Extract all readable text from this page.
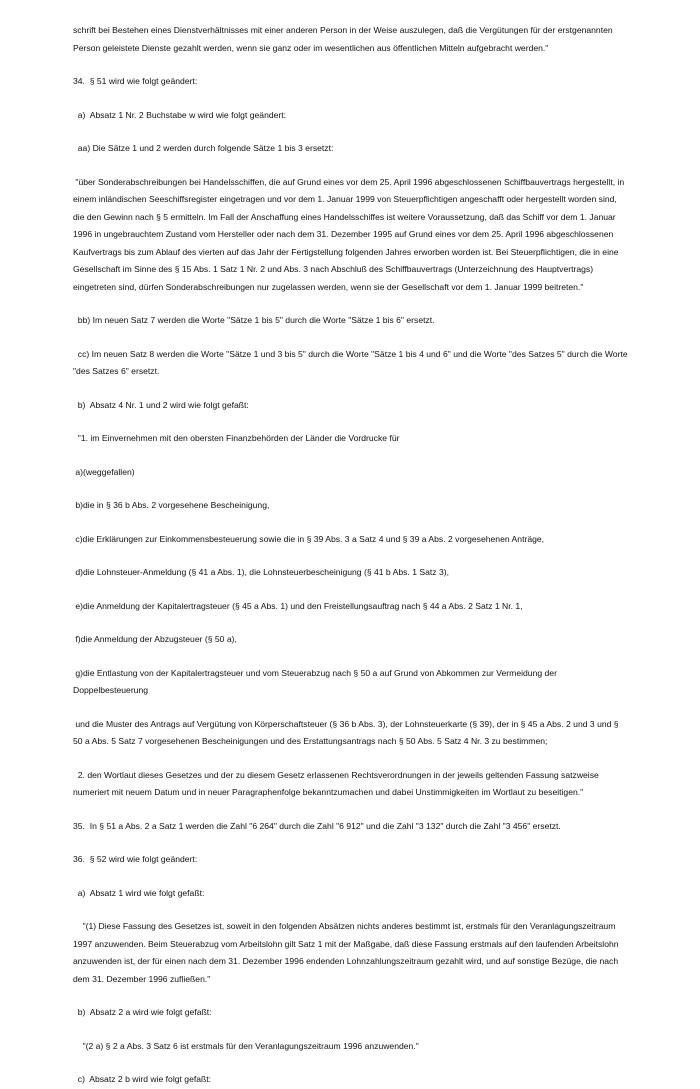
schrift bei Bestehen eines Dienstverhältnisses mit einer anderen Person in der Weise auszulegen, daß die Vergütungen für der erstgenannten Person geleistete Dienste gezahlt werden, wenn sie ganz oder im wesentlichen aus öffentlichen Mitteln aufgebracht werden."

34.  § 51 wird wie folgt geändert:

a)  Absatz 1 Nr. 2 Buchstabe w wird wie folgt geändert:

aa) Die Sätze 1 und 2 werden durch folgende Sätze 1 bis 3 ersetzt:

"über Sonderabschreibungen bei Handelsschiffen, die auf Grund eines vor dem 25. April 1996 abgeschlossenen Schiffbauvertrags hergestellt, in einem inländischen Seeschiffsregister eingetragen und vor dem 1. Januar 1999 von Steuerpflichtigen angeschafft oder hergestellt worden sind, die den Gewinn nach § 5 ermitteln. Im Fall der Anschaffung eines Handelsschiffes ist weitere Voraussetzung, daß das Schiff vor dem 1. Januar 1996 in ungebrauchtem Zustand vom Hersteller oder nach dem 31. Dezember 1995 auf Grund eines vor dem 25. April 1996 abgeschlossenen Kaufvertrags bis zum Ablauf des vierten auf das Jahr der Fertigstellung folgenden Jahres erworben worden ist. Bei Steuerpflichtigen, die in eine Gesellschaft im Sinne des § 15 Abs. 1 Satz 1 Nr. 2 und Abs. 3 nach Abschluß des Schiffbauvertrags (Unterzeichnung des Hauptvertrags) eingetreten sind, dürfen Sonderabschreibungen nur zugelassen werden, wenn sie der Gesellschaft vor dem 1. Januar 1999 beitreten."

bb) Im neuen Satz 7 werden die Worte "Sätze 1 bis 5" durch die Worte "Sätze 1 bis 6" ersetzt.

cc) Im neuen Satz 8 werden die Worte "Sätze 1 und 3 bis 5" durch die Worte "Sätze 1 bis 4 und 6" und die Worte "des Satzes 5" durch die Worte "des Satzes 6" ersetzt.

b)  Absatz 4 Nr. 1 und 2 wird wie folgt gefaßt:

"1. im Einvernehmen mit den obersten Finanzbehörden der Länder die Vordrucke für

a)(weggefallen)

b)die in § 36 b Abs. 2 vorgesehene Bescheinigung,

c)die Erklärungen zur Einkommensbesteuerung sowie die in § 39 Abs. 3 a Satz 4 und § 39 a Abs. 2 vorgesehenen Anträge,

d)die Lohnsteuer-Anmeldung (§ 41 a Abs. 1), die Lohnsteuerbescheinigung (§ 41 b Abs. 1 Satz 3),

e)die Anmeldung der Kapitalertragsteuer (§ 45 a Abs. 1) und den Freistellungsauftrag nach § 44 a Abs. 2 Satz 1 Nr. 1,

f)die Anmeldung der Abzugsteuer (§ 50 a),

g)die Entlastung von der Kapitalertragsteuer und vom Steuerabzug nach § 50 a auf Grund von Abkommen zur Vermeidung der Doppelbesteuerung

und die Muster des Antrags auf Vergütung von Körperschaftsteuer (§ 36 b Abs. 3), der Lohnsteuerkarte (§ 39), der in § 45 a Abs. 2 und 3 und § 50 a Abs. 5 Satz 7 vorgesehenen Bescheinigungen und des Erstattungsantrags nach § 50 Abs. 5 Satz 4 Nr. 3 zu bestimmen;

2. den Wortlaut dieses Gesetzes und der zu diesem Gesetz erlassenen Rechtsverordnungen in der jeweils geltenden Fassung satzweise numeriert mit neuem Datum und in neuer Paragraphenfolge bekanntzumachen und dabei Unstimmigkeiten im Wortlaut zu beseitigen."

35.  In § 51 a Abs. 2 a Satz 1 werden die Zahl "6 264" durch die Zahl "6 912" und die Zahl "3 132" durch die Zahl "3 456" ersetzt.

36.  § 52 wird wie folgt geändert:

a)  Absatz 1 wird wie folgt gefaßt:

"(1) Diese Fassung des Gesetzes ist, soweit in den folgenden Absätzen nichts anderes bestimmt ist, erstmals für den Veranlagungszeitraum 1997 anzuwenden. Beim Steuerabzug vom Arbeitslohn gilt Satz 1 mit der Maßgabe, daß diese Fassung erstmals auf den laufenden Arbeitslohn anzuwenden ist, der für einen nach dem 31. Dezember 1996 endenden Lohnzahlungszeitraum gezahlt wird, und auf sonstige Bezüge, die nach dem 31. Dezember 1996 zufließen."

b)  Absatz 2 a wird wie folgt gefaßt:

"(2 a) § 2 a Abs. 3 Satz 6 ist erstmals für den Veranlagungszeitraum 1996 anzuwenden."

c)  Absatz 2 b wird wie folgt gefaßt:
